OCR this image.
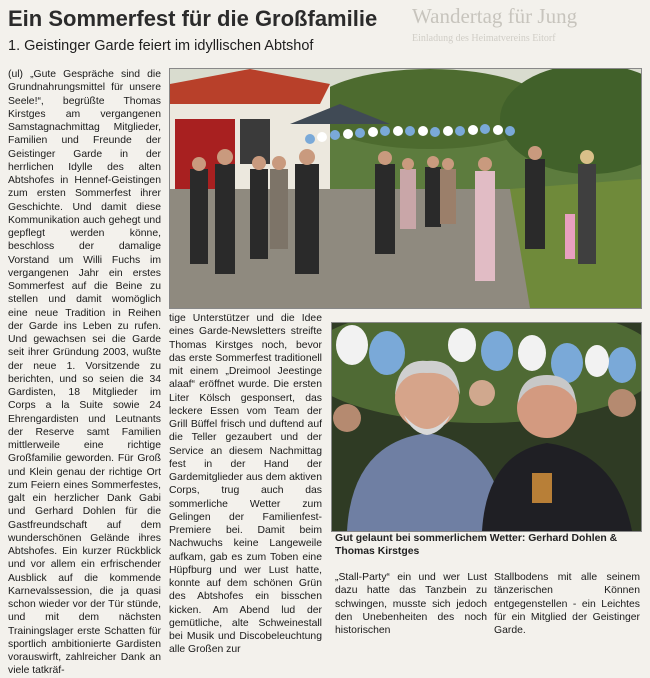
Wandertag für Jung
Einladung des Heimatvereins Eitorf
Ein Sommerfest für die Großfamilie
1. Geistinger Garde feiert im idyllischen Abtshof
(ul) „Gute Gespräche sind die Grundnahrungsmittel für unsere Seele!“, begrüßte Thomas Kirstges am vergangenen Samstagnachmittag Mitglieder, Familien und Freunde der Geistinger Garde in der herrlichen Idylle des alten Abtshofes in Hennef-Geistingen zum ersten Sommerfest ihrer Geschichte. Und damit diese Kommunikation auch gehegt und gepflegt werden könne, beschloss der damalige Vorstand um Willi Fuchs im vergangenen Jahr ein erstes Sommerfest auf die Beine zu stellen und damit womöglich eine neue Tradition in Reihen der Garde ins Leben zu rufen. Und gewachsen sei die Garde seit ihrer Gründung 2003, wußte der neue 1. Vorsitzende zu berichten, und so seien die 34 Gardisten, 18 Mitglieder im Corps a la Suite sowie 24 Ehrengardisten und Leutnants der Reserve samt Familien mittlerweile eine richtige Großfamilie geworden. Für Groß und Klein genau der richtige Ort zum Feiern eines Sommerfestes, galt ein herzlicher Dank Gabi und Gerhard Dohlen für die Gastfreundschaft auf dem wunderschönen Gelände ihres Abtshofes. Ein kurzer Rückblick und vor allem ein erfrischender Ausblick auf die kommende Karnevalssession, die ja quasi schon wieder vor der Tür stünde, und mit dem nächsten Trainingslager erste Schatten für sportlich ambitionierte Gardisten vorauswirft, zahlreicher Dank an viele tatkräf-
tige Unterstützer und die Idee eines Garde-Newsletters streifte Thomas Kirstges noch, bevor das erste Sommerfest traditionell mit einem „Dreimool Jeestinge alaaf“ eröffnet wurde. Die ersten Liter Kölsch gesponsert, das leckere Essen vom Team der Grill Büffel frisch und duftend auf die Teller gezaubert und der Service an diesem Nachmittag fest in der Hand der Gardemitglieder aus dem aktiven Corps, trug auch das sommerliche Wetter zum Gelingen der Familienfest-Premiere bei. Damit beim Nachwuchs keine Langeweile aufkam, gab es zum Toben eine Hüpfburg und wer Lust hatte, konnte auf dem schönen Grün des Abtshofes ein bisschen kicken. Am Abend lud der gemütliche, alte Schweinestall bei Musik und Discobeleuchtung alle Großen zur
Gut gelaunt bei sommerlichem Wetter: Gerhard Dohlen & Thomas Kirstges
„Stall-Party“ ein und wer Lust dazu hatte das Tanzbein zu schwingen, musste sich jedoch den Unebenheiten des noch historischen
Stallbodens mit alle seinem tänzerischen Können entgegenstellen - ein Leichtes für ein Mitglied der Geistinger Garde.
